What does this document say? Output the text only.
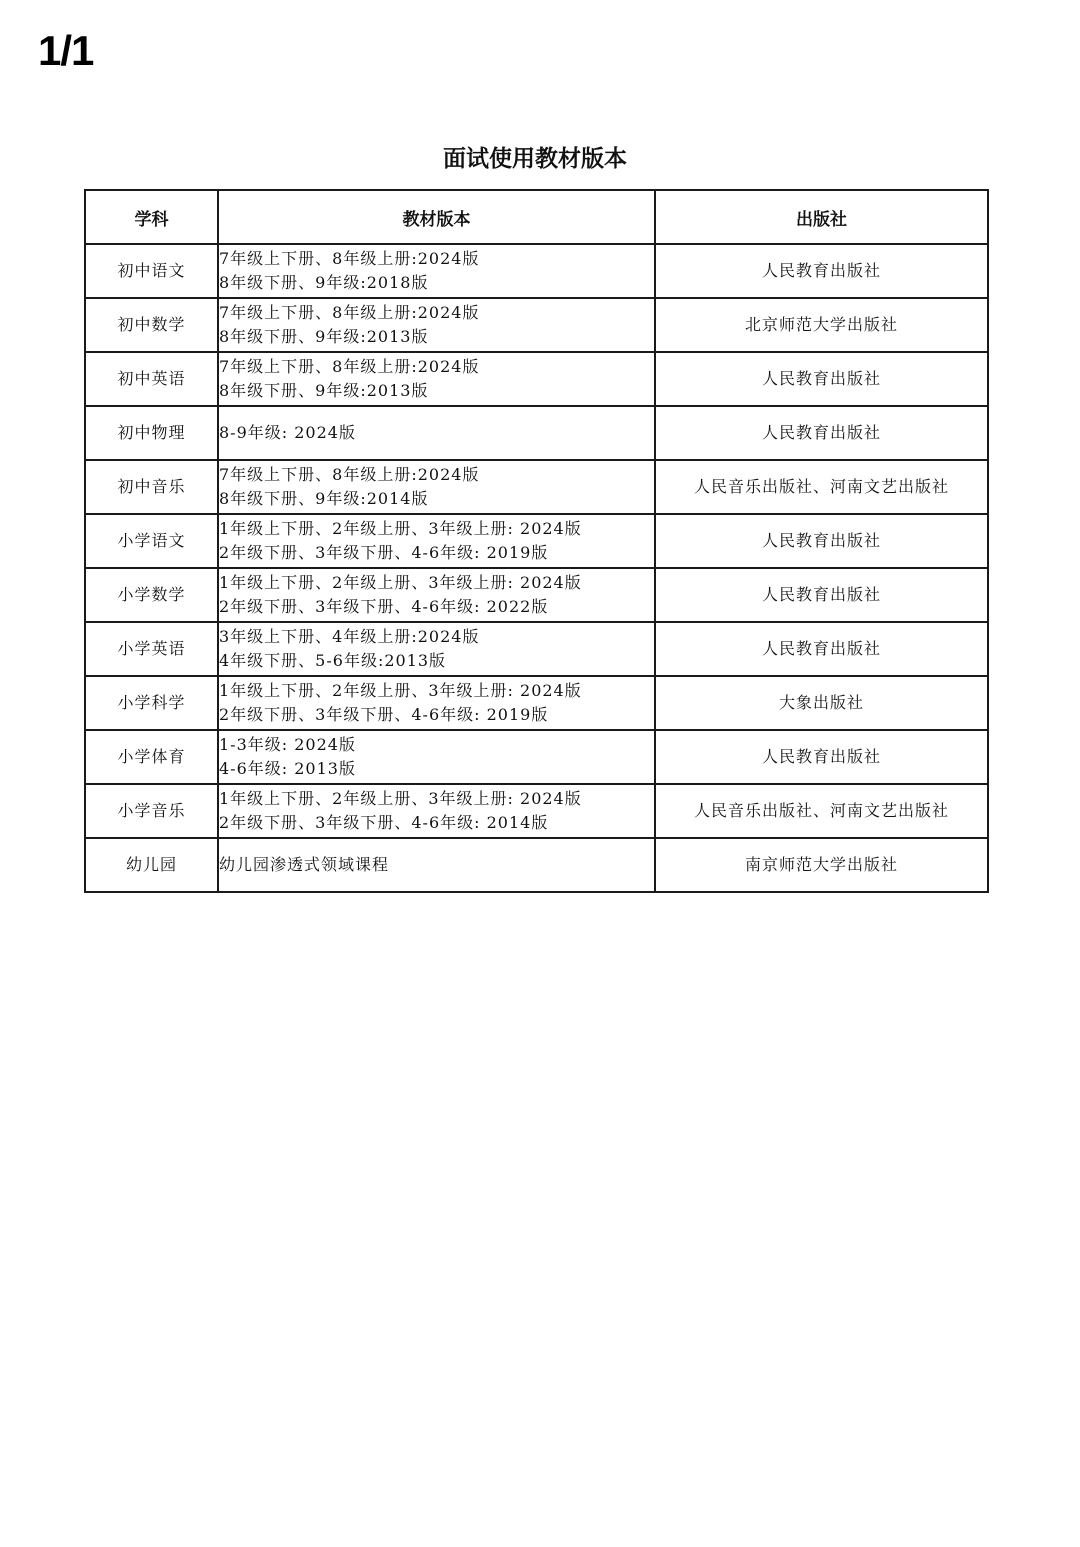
1/1
面试使用教材版本
学科	教材版本	出版社
初中语文	7年级上下册、8年级上册:2024版
8年级下册、9年级:2018版	人民教育出版社
初中数学	7年级上下册、8年级上册:2024版
8年级下册、9年级:2013版	北京师范大学出版社
初中英语	7年级上下册、8年级上册:2024版
8年级下册、9年级:2013版	人民教育出版社
初中物理	8-9年级: 2024版	人民教育出版社
初中音乐	7年级上下册、8年级上册:2024版
8年级下册、9年级:2014版	人民音乐出版社、河南文艺出版社
小学语文	1年级上下册、2年级上册、3年级上册: 2024版
2年级下册、3年级下册、4-6年级: 2019版	人民教育出版社
小学数学	1年级上下册、2年级上册、3年级上册: 2024版
2年级下册、3年级下册、4-6年级: 2022版	人民教育出版社
小学英语	3年级上下册、4年级上册:2024版
4年级下册、5-6年级:2013版	人民教育出版社
小学科学	1年级上下册、2年级上册、3年级上册: 2024版
2年级下册、3年级下册、4-6年级: 2019版	大象出版社
小学体育	1-3年级: 2024版
4-6年级: 2013版	人民教育出版社
小学音乐	1年级上下册、2年级上册、3年级上册: 2024版
2年级下册、3年级下册、4-6年级: 2014版	人民音乐出版社、河南文艺出版社
幼儿园	幼儿园渗透式领域课程	南京师范大学出版社
